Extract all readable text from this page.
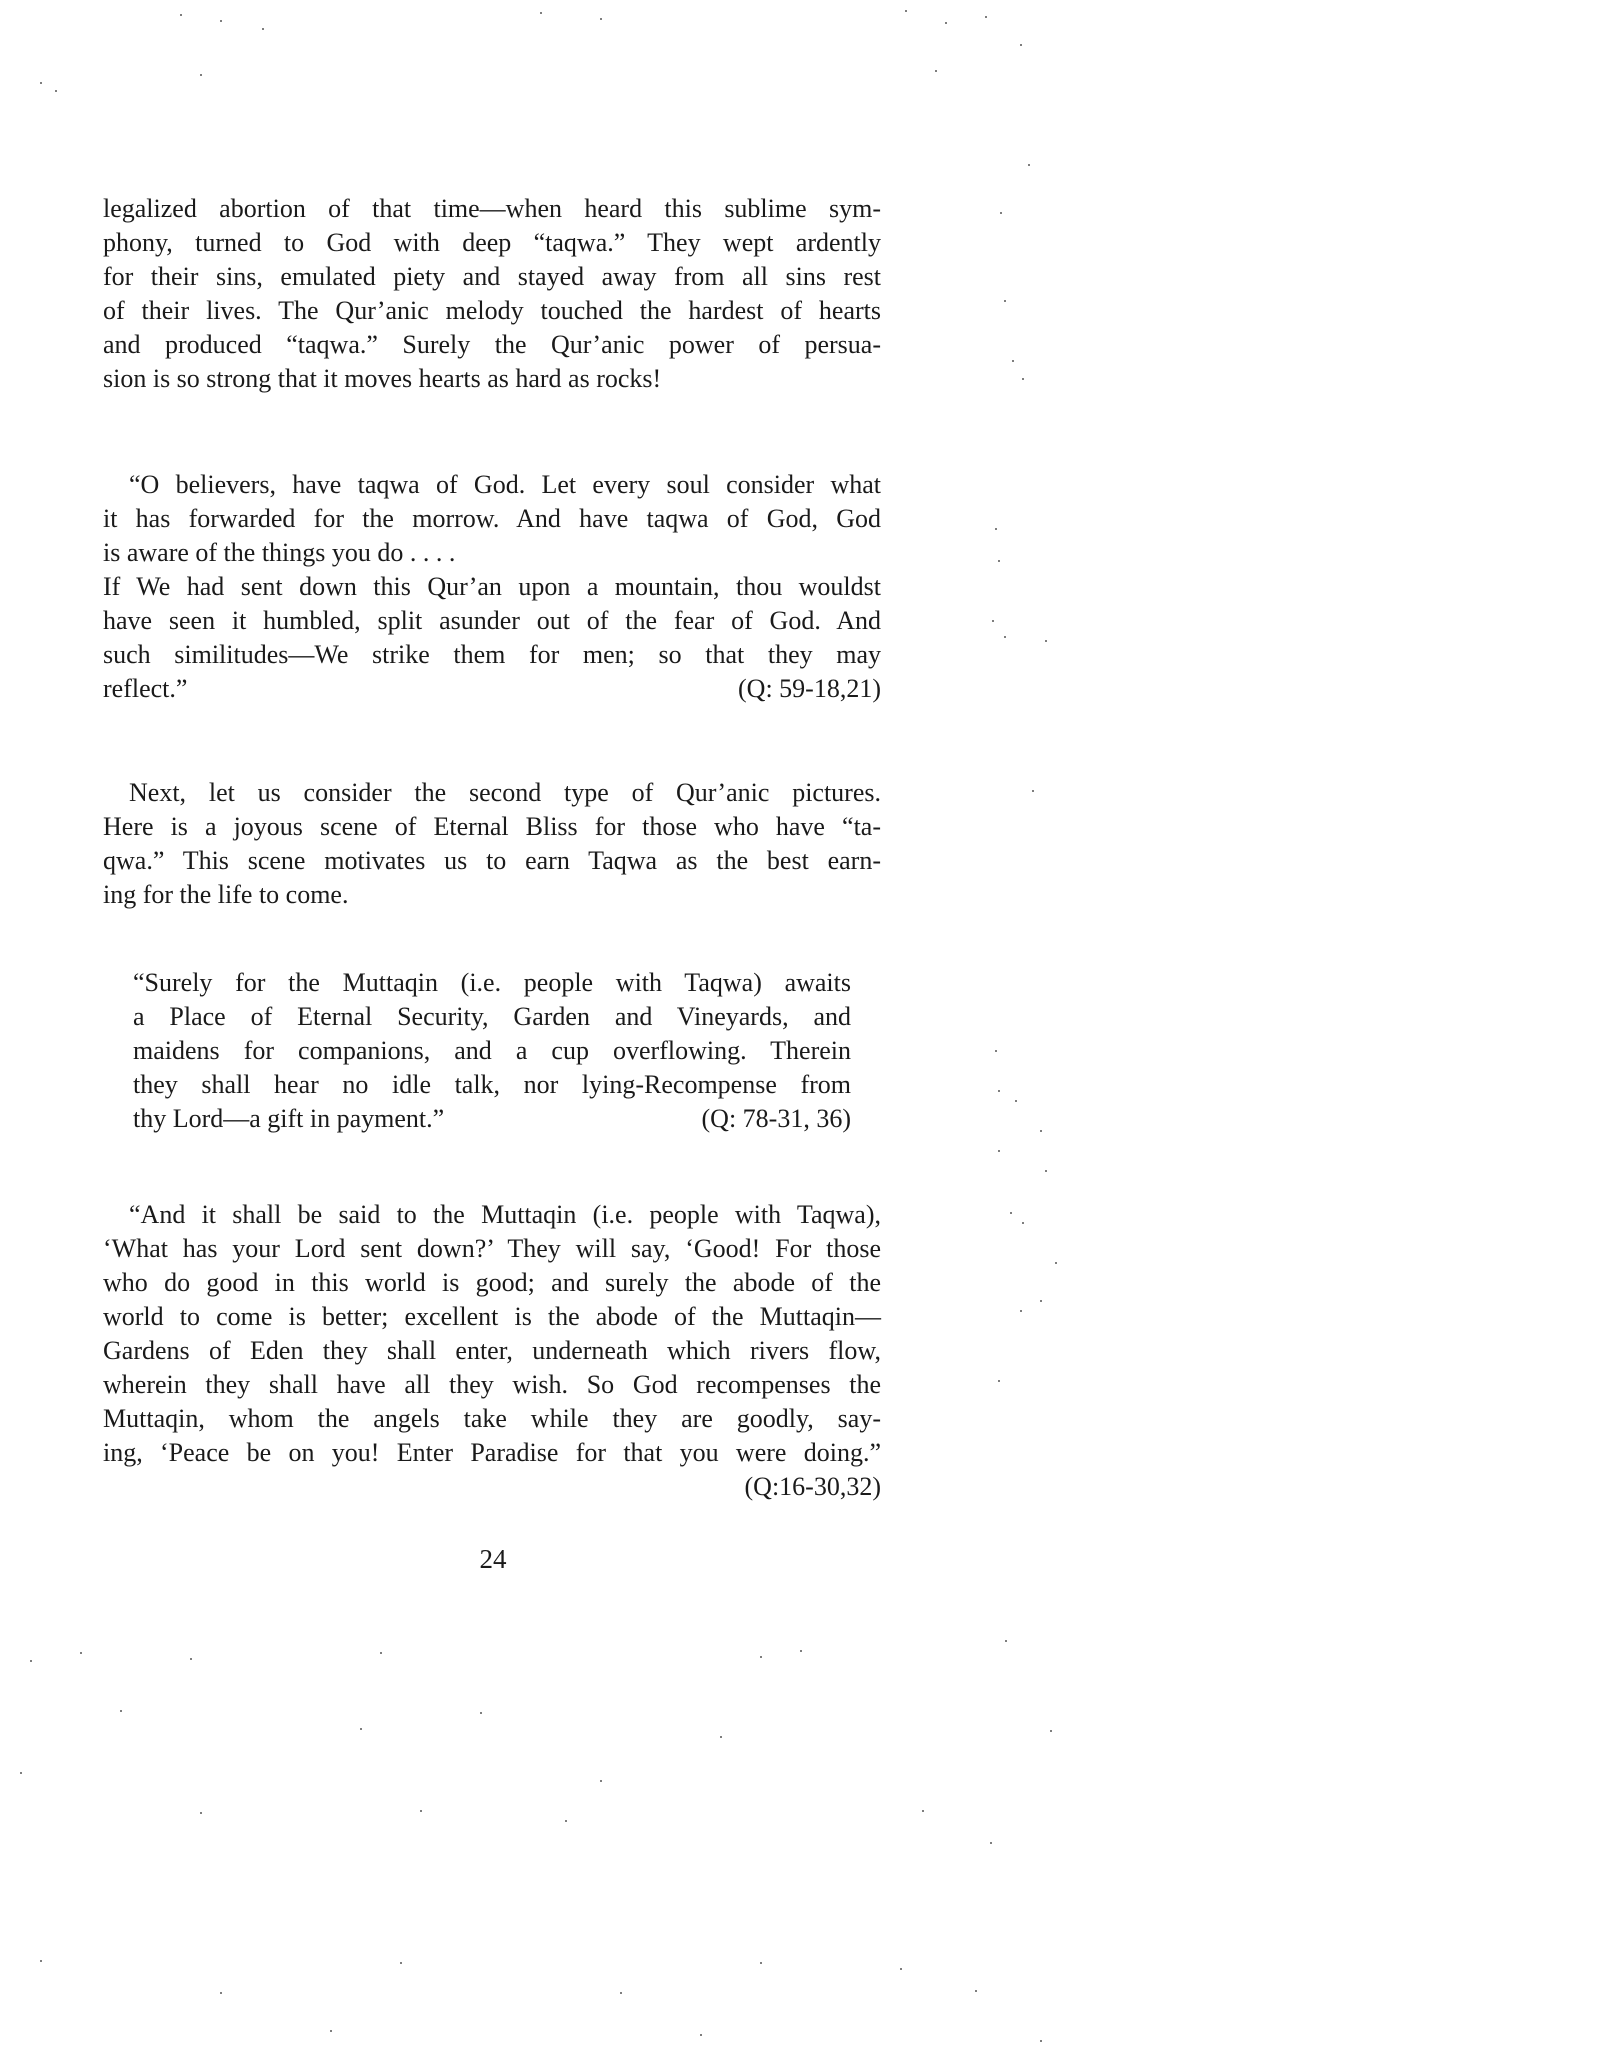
legalized abortion of that time—when heard this sublime sym-
phony, turned to God with deep “taqwa.” They wept ardently
for their sins, emulated piety and stayed away from all sins rest
of their lives. The Qur’anic melody touched the hardest of hearts
and produced “taqwa.” Surely the Qur’anic power of persua-
sion is so strong that it moves hearts as hard as rocks!
“O believers, have taqwa of God. Let every soul consider what
it has forwarded for the morrow. And have taqwa of God, God
is aware of the things you do . . . .
If We had sent down this Qur’an upon a mountain, thou wouldst
have seen it humbled, split asunder out of the fear of God. And
such similitudes—We strike them for men; so that they may
reflect.”	(Q: 59-18,21)
Next, let us consider the second type of Qur’anic pictures.
Here is a joyous scene of Eternal Bliss for those who have “ta-
qwa.” This scene motivates us to earn Taqwa as the best earn-
ing for the life to come.
“Surely for the Muttaqin (i.e. people with Taqwa) awaits
a Place of Eternal Security, Garden and Vineyards, and
maidens for companions, and a cup overflowing. Therein
they shall hear no idle talk, nor lying-Recompense from
thy Lord—a gift in payment.”	(Q: 78-31, 36)
“And it shall be said to the Muttaqin (i.e. people with Taqwa),
‘What has your Lord sent down?’ They will say, ‘Good! For those
who do good in this world is good; and surely the abode of the
world to come is better; excellent is the abode of the Muttaqin—
Gardens of Eden they shall enter, underneath which rivers flow,
wherein they shall have all they wish. So God recompenses the
Muttaqin, whom the angels take while they are goodly, say-
ing, ‘Peace be on you! Enter Paradise for that you were doing.”
(Q:16-30,32)
24
